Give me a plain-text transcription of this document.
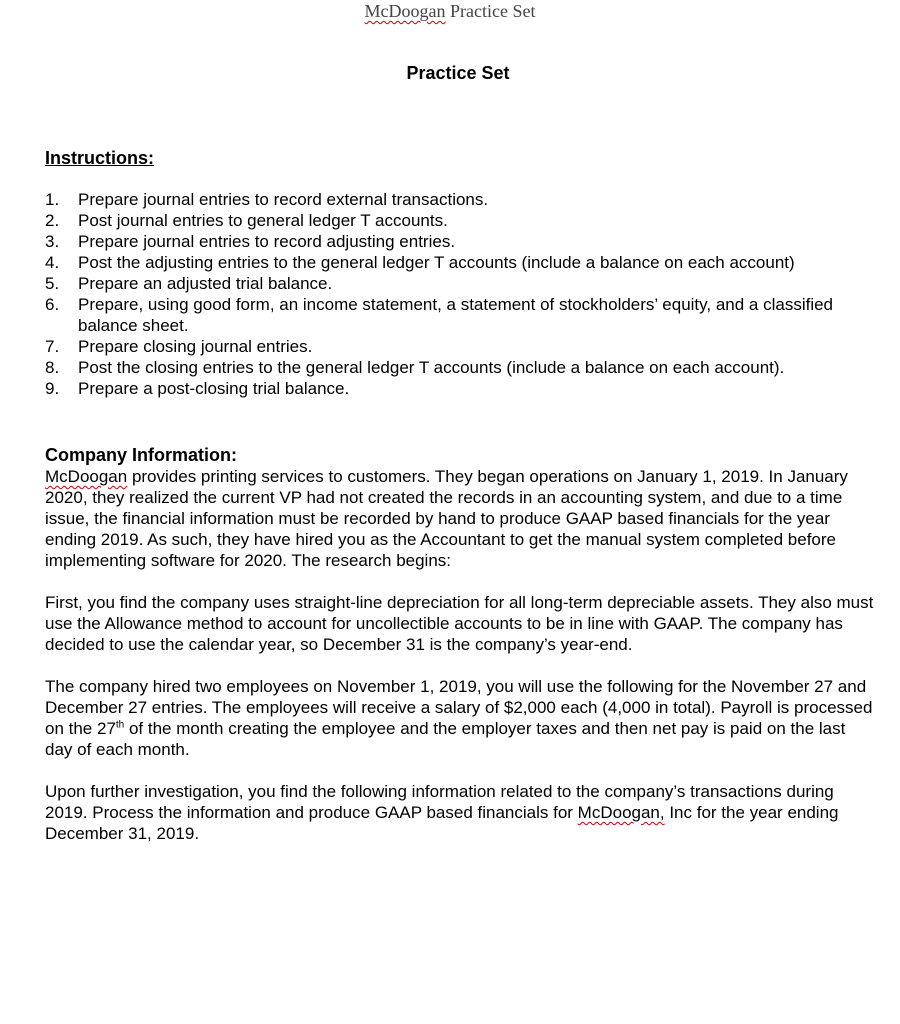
McDoogan Practice Set
Practice Set
Instructions:
1.	Prepare journal entries to record external transactions.
2.	Post journal entries to general ledger T accounts.
3.	Prepare journal entries to record adjusting entries.
4.	Post the adjusting entries to the general ledger T accounts (include a balance on each account)
5.	Prepare an adjusted trial balance.
6.	Prepare, using good form, an income statement, a statement of stockholders’ equity, and a classified balance sheet.
7.	Prepare closing journal entries.
8.	Post the closing entries to the general ledger T accounts (include a balance on each account).
9.	Prepare a post-closing trial balance.
Company Information:

McDoogan provides printing services to customers. They began operations on January 1, 2019. In January 2020, they realized the current VP had not created the records in an accounting system, and due to a time issue, the financial information must be recorded by hand to produce GAAP based financials for the year ending 2019. As such, they have hired you as the Accountant to get the manual system completed before implementing software for 2020. The research begins:

First, you find the company uses straight-line depreciation for all long-term depreciable assets. They also must use the Allowance method to account for uncollectible accounts to be in line with GAAP. The company has decided to use the calendar year, so December 31 is the company’s year-end.

The company hired two employees on November 1, 2019, you will use the following for the November 27 and December 27 entries. The employees will receive a salary of $2,000 each (4,000 in total). Payroll is processed on the 27th of the month creating the employee and the employer taxes and then net pay is paid on the last day of each month.

Upon further investigation, you find the following information related to the company’s transactions during 2019. Process the information and produce GAAP based financials for McDoogan, Inc for the year ending December 31, 2019.
